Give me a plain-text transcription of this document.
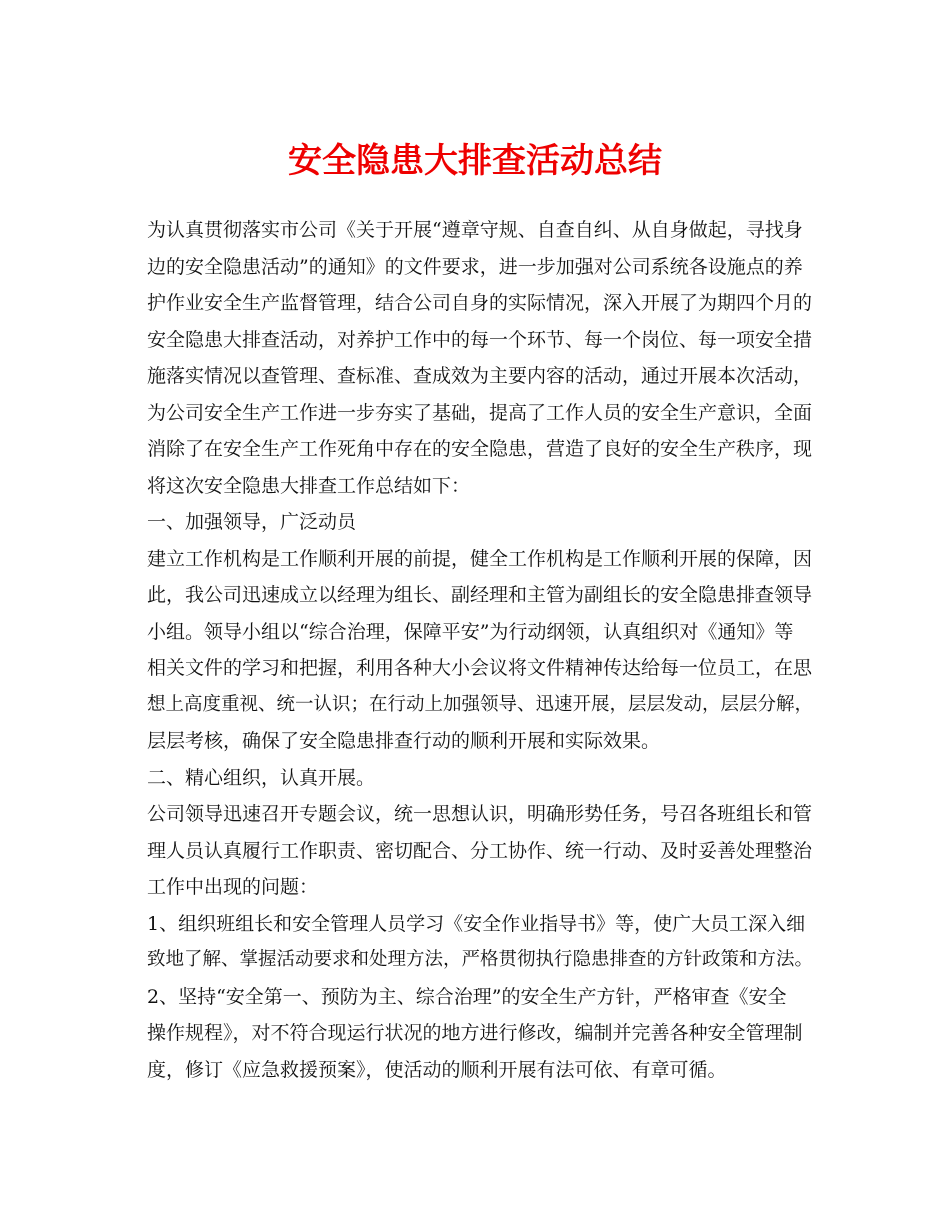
安全隐患大排查活动总结
为认真贯彻落实市公司《关于开展“遵章守规、自查自纠、从自身做起，寻找身
边的安全隐患活动”的通知》的文件要求，进一步加强对公司系统各设施点的养
护作业安全生产监督管理，结合公司自身的实际情况，深入开展了为期四个月的
安全隐患大排查活动，对养护工作中的每一个环节、每一个岗位、每一项安全措
施落实情况以查管理、查标准、查成效为主要内容的活动，通过开展本次活动，
为公司安全生产工作进一步夯实了基础，提高了工作人员的安全生产意识，全面
消除了在安全生产工作死角中存在的安全隐患，营造了良好的安全生产秩序，现
将这次安全隐患大排查工作总结如下：
一、加强领导，广泛动员
建立工作机构是工作顺利开展的前提，健全工作机构是工作顺利开展的保障，因
此，我公司迅速成立以经理为组长、副经理和主管为副组长的安全隐患排查领导
小组。领导小组以“综合治理，保障平安”为行动纲领，认真组织对《通知》等
相关文件的学习和把握，利用各种大小会议将文件精神传达给每一位员工，在思
想上高度重视、统一认识；在行动上加强领导、迅速开展，层层发动，层层分解，
层层考核，确保了安全隐患排查行动的顺利开展和实际效果。
二、精心组织，认真开展。
公司领导迅速召开专题会议，统一思想认识，明确形势任务，号召各班组长和管
理人员认真履行工作职责、密切配合、分工协作、统一行动、及时妥善处理整治
工作中出现的问题：
1、组织班组长和安全管理人员学习《安全作业指导书》等，使广大员工深入细
致地了解、掌握活动要求和处理方法，严格贯彻执行隐患排查的方针政策和方法。
2、坚持“安全第一、预防为主、综合治理”的安全生产方针，严格审查《安全
操作规程》，对不符合现运行状况的地方进行修改，编制并完善各种安全管理制
度，修订《应急救援预案》，使活动的顺利开展有法可依、有章可循。
